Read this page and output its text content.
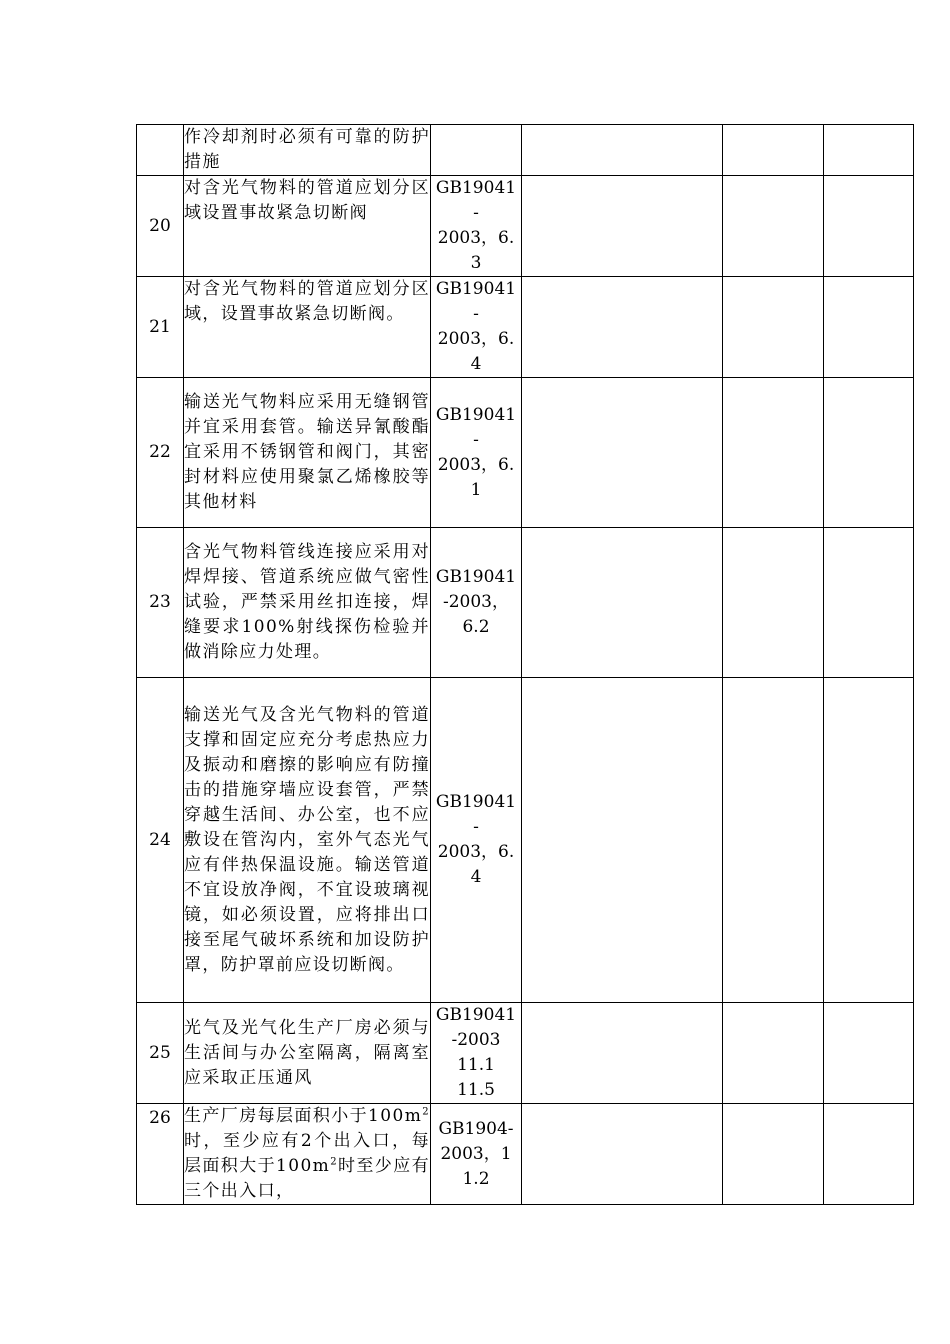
	作冷却剂时必须有可靠的防护措施				
20	对含光气物料的管道应划分区域设置事故紧急切断阀	GB19041
-
2003，6.
3			

21	对含光气物料的管道应划分区域，设置事故紧急切断阀。	GB19041
-
2003，6.
4			

22	输送光气物料应采用无缝钢管并宜采用套管。输送异氰酸酯宜采用不锈钢管和阀门，其密封材料应使用聚氯乙烯橡胶等其他材料	GB19041
-
2003，6.
1			

23	含光气物料管线连接应采用对焊焊接、管道系统应做气密性试验，严禁采用丝扣连接，焊缝要求100%射线探伤检验并做消除应力处理。	GB19041
-2003，
6.2			

24	输送光气及含光气物料的管道支撑和固定应充分考虑热应力及振动和磨擦的影响应有防撞击的措施穿墙应设套管，严禁穿越生活间、办公室，也不应敷设在管沟内，室外气态光气应有伴热保温设施。输送管道不宜设放净阀，不宜设玻璃视镜，如必须设置，应将排出口接至尾气破坏系统和加设防护罩，防护罩前应设切断阀。	GB19041
-
2003，6.
4			

25	光气及光气化生产厂房必须与生活间与办公室隔离，隔离室应采取正压通风	GB19041
-2003
11.1
11.5			

26	生产厂房每层面积小于$100m^2$时，至少应有2个出入口，每层面积大于$100m^2$时至少应有三个出入口，	GB1904-
2003，1
1.2			
